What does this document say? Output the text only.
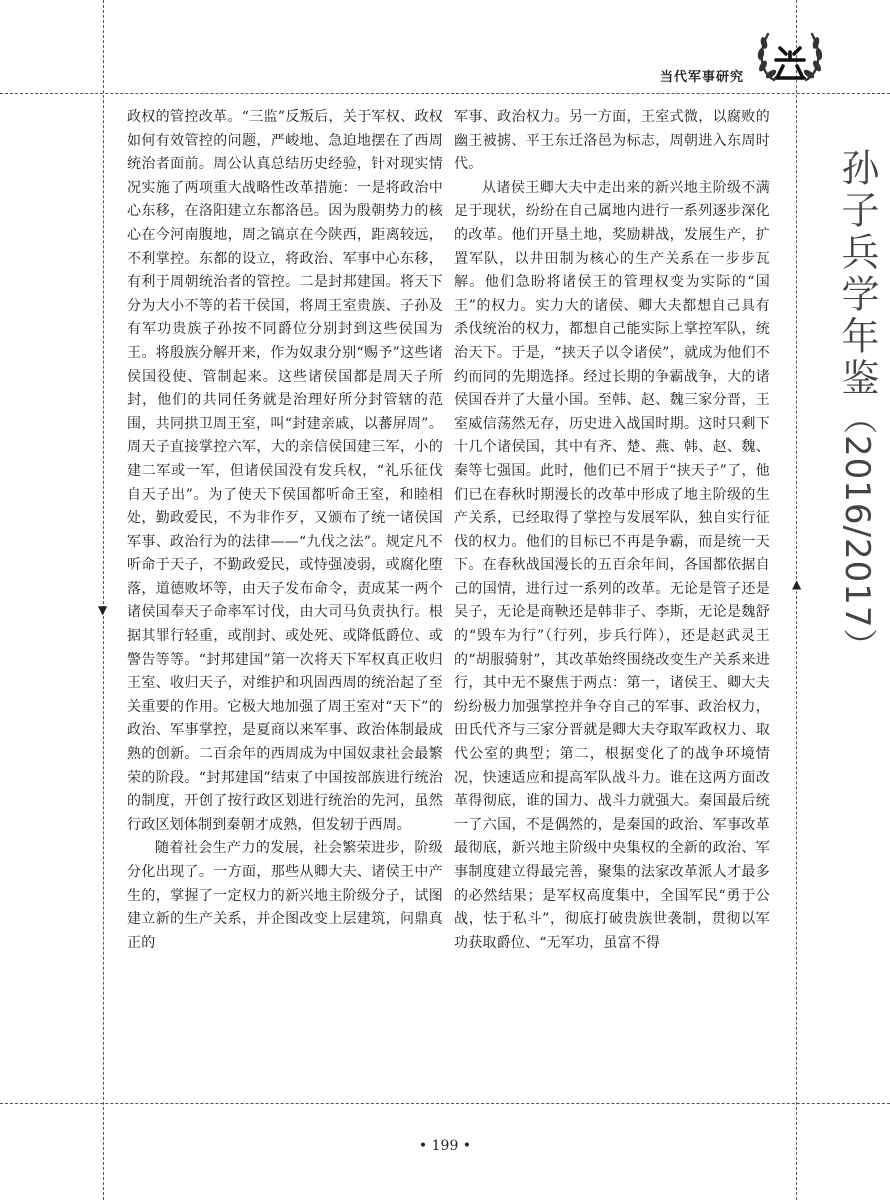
▼
▲
当代军事研究
孙子兵学年鉴（2016/2017）

政权的管控改革。“三监”反叛后，关于军权、政权如何有效管控的问题，严峻地、急迫地摆在了西周统治者面前。周公认真总结历史经验，针对现实情况实施了两项重大战略性改革措施：一是将政治中心东移，在洛阳建立东都洛邑。因为殷朝势力的核心在今河南腹地，周之镐京在今陕西，距离较远，不利掌控。东都的设立，将政治、军事中心东移，有利于周朝统治者的管控。二是封邦建国。将天下分为大小不等的若干侯国，将周王室贵族、子孙及有军功贵族子孙按不同爵位分别封到这些侯国为王。将殷族分解开来，作为奴隶分别“赐予”这些诸侯国役使、管制起来。这些诸侯国都是周天子所封，他们的共同任务就是治理好所分封管辖的范围，共同拱卫周王室，叫“封建亲戚，以蕃屏周”。周天子直接掌控六军，大的亲信侯国建三军，小的建二军或一军，但诸侯国没有发兵权，“礼乐征伐自天子出”。为了使天下侯国都听命王室，和睦相处，勤政爱民，不为非作歹，又颁布了统一诸侯国军事、政治行为的法律——“九伐之法”。规定凡不听命于天子，不勤政爱民，或恃强凌弱，或腐化堕落，道德败坏等，由天子发布命令，责成某一两个诸侯国奉天子命率军讨伐，由大司马负责执行。根据其罪行轻重，或削封、或处死、或降低爵位、或警告等等。“封邦建国”第一次将天下军权真正收归王室、收归天子，对维护和巩固西周的统治起了至关重要的作用。它极大地加强了周王室对“天下”的政治、军事掌控，是夏商以来军事、政治体制最成熟的创新。二百余年的西周成为中国奴隶社会最繁荣的阶段。“封邦建国”结束了中国按部族进行统治的制度，开创了按行政区划进行统治的先河，虽然行政区划体制到秦朝才成熟，但发轫于西周。

随着社会生产力的发展，社会繁荣进步，阶级分化出现了。一方面，那些从卿大夫、诸侯王中产生的，掌握了一定权力的新兴地主阶级分子，试图建立新的生产关系，并企图改变上层建筑，问鼎真正的

军事、政治权力。另一方面，王室式微，以腐败的幽王被掳、平王东迁洛邑为标志，周朝进入东周时代。

从诸侯王卿大夫中走出来的新兴地主阶级不满足于现状，纷纷在自己属地内进行一系列逐步深化的改革。他们开垦土地，奖励耕战，发展生产，扩置军队，以井田制为核心的生产关系在一步步瓦解。他们急盼将诸侯王的管理权变为实际的“国王”的权力。实力大的诸侯、卿大夫都想自己具有杀伐统治的权力，都想自己能实际上掌控军队，统治天下。于是，“挟天子以令诸侯”，就成为他们不约而同的先期选择。经过长期的争霸战争，大的诸侯国吞并了大量小国。至韩、赵、魏三家分晋，王室威信荡然无存，历史进入战国时期。这时只剩下十几个诸侯国，其中有齐、楚、燕、韩、赵、魏、秦等七强国。此时，他们已不屑于“挟天子”了，他们已在春秋时期漫长的改革中形成了地主阶级的生产关系，已经取得了掌控与发展军队，独自实行征伐的权力。他们的目标已不再是争霸，而是统一天下。在春秋战国漫长的五百余年间，各国都依据自己的国情，进行过一系列的改革。无论是管子还是吴子，无论是商鞅还是韩非子、李斯，无论是魏舒的“毁车为行”（行列，步兵行阵），还是赵武灵王的“胡服骑射”，其改革始终围绕改变生产关系来进行，其中无不聚焦于两点：第一，诸侯王、卿大夫纷纷极力加强掌控并争夺自己的军事、政治权力，田氏代齐与三家分晋就是卿大夫夺取军政权力、取代公室的典型；第二，根据变化了的战争环境情况，快速适应和提高军队战斗力。谁在这两方面改革得彻底，谁的国力、战斗力就强大。秦国最后统一了六国，不是偶然的，是秦国的政治、军事改革最彻底，新兴地主阶级中央集权的全新的政治、军事制度建立得最完善，聚集的法家改革派人才最多的必然结果；是军权高度集中，全国军民“勇于公战，怯于私斗”，彻底打破贵族世袭制，贯彻以军功获取爵位、“无军功，虽富不得

• 199 •
